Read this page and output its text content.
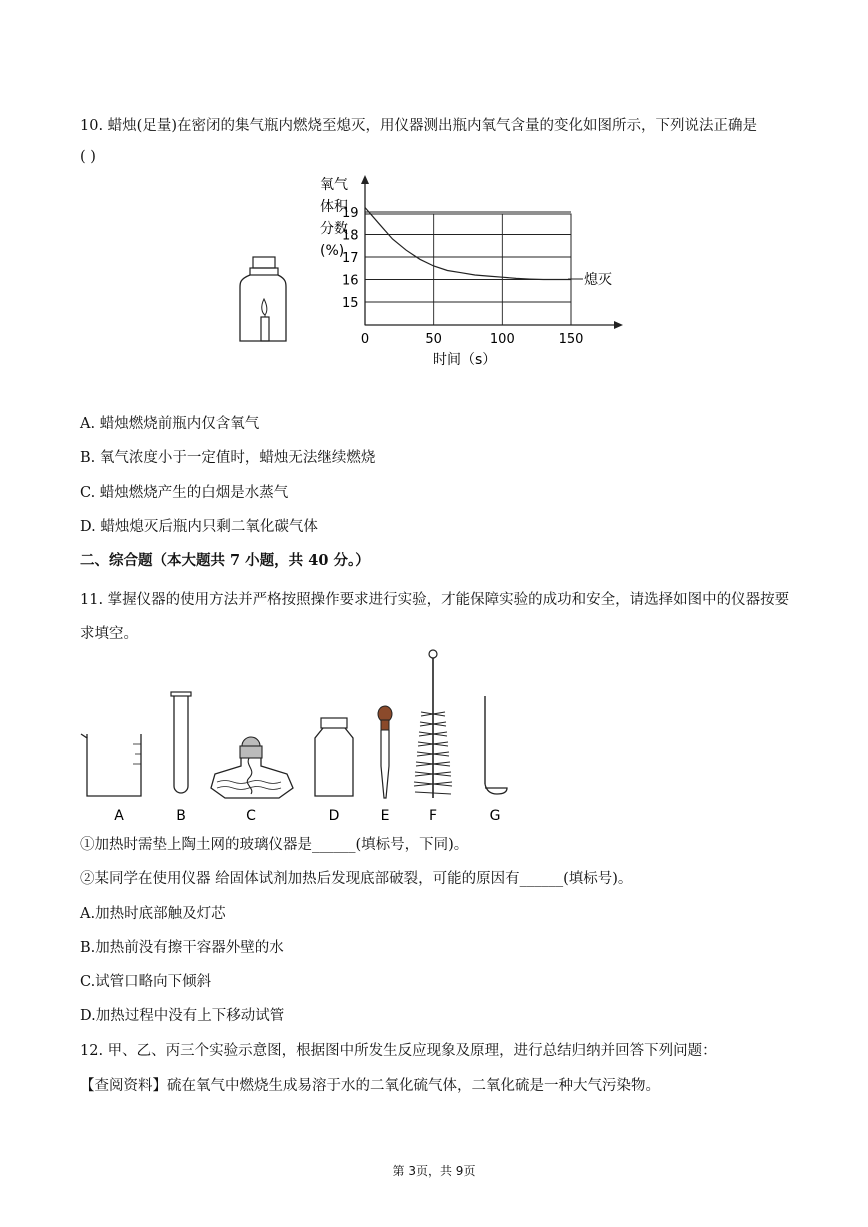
10. 蜡烛(足量)在密闭的集气瓶内燃烧至熄灭，用仪器测出瓶内氧气含量的变化如图所示，下列说法正确是
( )
氧气
体积
分数
(%)
15
16
17
18
19
0	50	100	150
熄灭
时间（s）
A. 蜡烛燃烧前瓶内仅含氧气
B. 氧气浓度小于一定值时，蜡烛无法继续燃烧
C. 蜡烛燃烧产生的白烟是水蒸气
D. 蜡烛熄灭后瓶内只剩二氧化碳气体
二、综合题（本大题共 7 小题，共 40 分。）
11. 掌握仪器的使用方法并严格按照操作要求进行实验，才能保障实验的成功和安全，请选择如图中的仪器按要求填空。
A	B	C	D	E	F	G
①加热时需垫上陶土网的玻璃仪器是______(填标号，下同)。
②某同学在使用仪器 给固体试剂加热后发现底部破裂，可能的原因有______(填标号)。
A.加热时底部触及灯芯
B.加热前没有擦干容器外壁的水
C.试管口略向下倾斜
D.加热过程中没有上下移动试管
12. 甲、乙、丙三个实验示意图，根据图中所发生反应现象及原理，进行总结归纳并回答下列问题：
【查阅资料】硫在氧气中燃烧生成易溶于水的二氧化硫气体，二氧化硫是一种大气污染物。
第 3页，共 9页
